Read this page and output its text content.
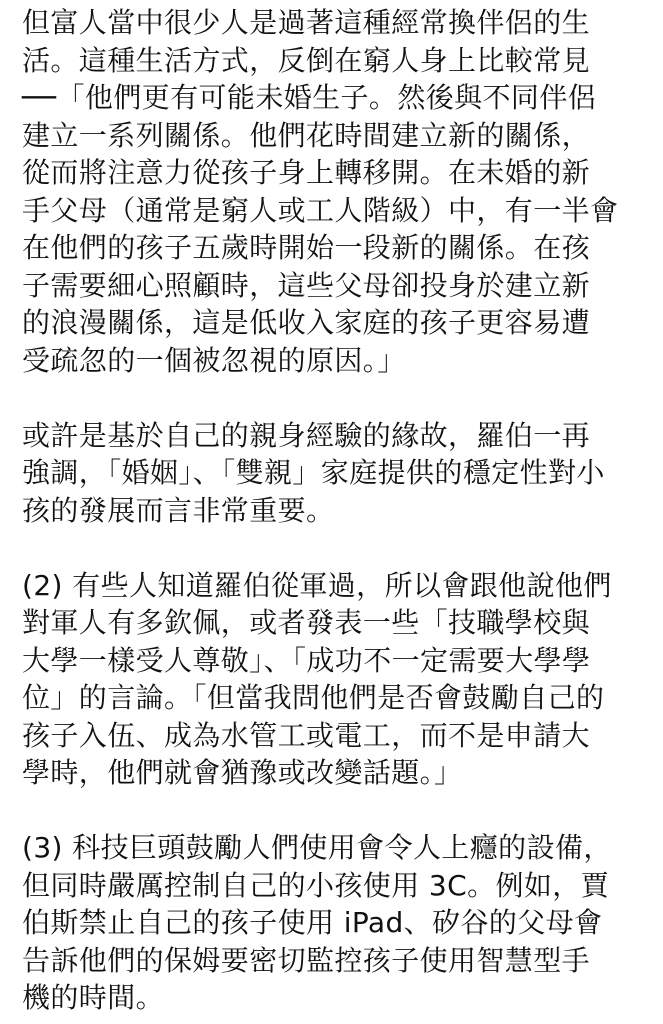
但富人當中很少人是過著這種經常換伴侶的生
活。這種生活方式，反倒在窮人身上比較常見
──「他們更有可能未婚生子。然後與不同伴侶
建立一系列關係。他們花時間建立新的關係，
從而將注意力從孩子身上轉移開。在未婚的新
手父母（通常是窮人或工人階級）中，有一半會
在他們的孩子五歲時開始一段新的關係。在孩
子需要細心照顧時，這些父母卻投身於建立新
的浪漫關係，這是低收入家庭的孩子更容易遭
受疏忽的一個被忽視的原因。」

或許是基於自己的親身經驗的緣故，羅伯一再
強調，「婚姻」、「雙親」家庭提供的穩定性對小
孩的發展而言非常重要。

(2) 有些人知道羅伯從軍過，所以會跟他說他們
對軍人有多欽佩，或者發表一些「技職學校與
大學一樣受人尊敬」、「成功不一定需要大學學
位」的言論。「但當我問他們是否會鼓勵自己的
孩子入伍、成為水管工或電工，而不是申請大
學時，他們就會猶豫或改變話題。」

(3) 科技巨頭鼓勵人們使用會令人上癮的設備，
但同時嚴厲控制自己的小孩使用 3C。例如，賈
伯斯禁止自己的孩子使用 iPad、矽谷的父母會
告訴他們的保姆要密切監控孩子使用智慧型手
機的時間。
